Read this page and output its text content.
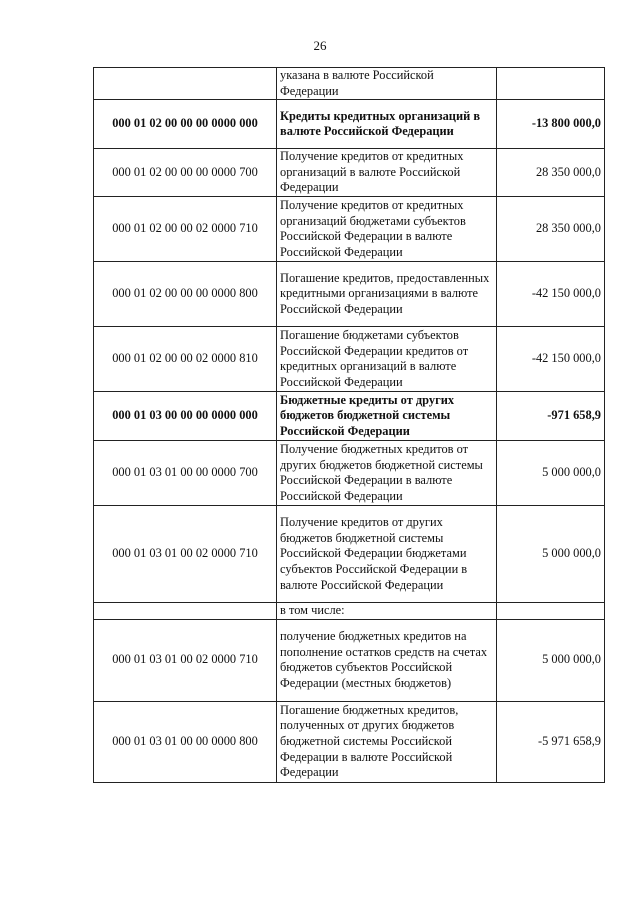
26
	указана в валюте Российской Федерации	
000 01 02 00 00 00 0000 000	Кредиты кредитных организаций в валюте Российской Федерации	-13 800 000,0
000 01 02 00 00 00 0000 700	Получение кредитов от кредитных организаций в валюте Российской Федерации	28 350 000,0
000 01 02 00 00 02 0000 710	Получение кредитов от кредитных организаций бюджетами субъектов Российской Федерации в валюте Российской Федерации	28 350 000,0
000 01 02 00 00 00 0000 800	Погашение кредитов, предоставленных кредитными организациями в валюте Российской Федерации	-42 150 000,0
000 01 02 00 00 02 0000 810	Погашение бюджетами субъектов Российской Федерации кредитов от кредитных организаций в валюте Российской Федерации	-42 150 000,0
000 01 03 00 00 00 0000 000	Бюджетные кредиты от других бюджетов бюджетной системы Российской Федерации	-971 658,9
000 01 03 01 00 00 0000 700	Получение бюджетных кредитов от других бюджетов бюджетной системы Российской Федерации в валюте Российской Федерации	5 000 000,0
000 01 03 01 00 02 0000 710	Получение кредитов от других бюджетов бюджетной системы Российской Федерации бюджетами субъектов Российской Федерации в валюте Российской Федерации	5 000 000,0
	в том числе:	
000 01 03 01 00 02 0000 710	получение бюджетных кредитов на пополнение остатков средств на счетах бюджетов субъектов Российской Федерации (местных бюджетов)	5 000 000,0
000 01 03 01 00 00 0000 800	Погашение бюджетных кредитов, полученных от других бюджетов бюджетной системы Российской Федерации в валюте Российской Федерации	-5 971 658,9
